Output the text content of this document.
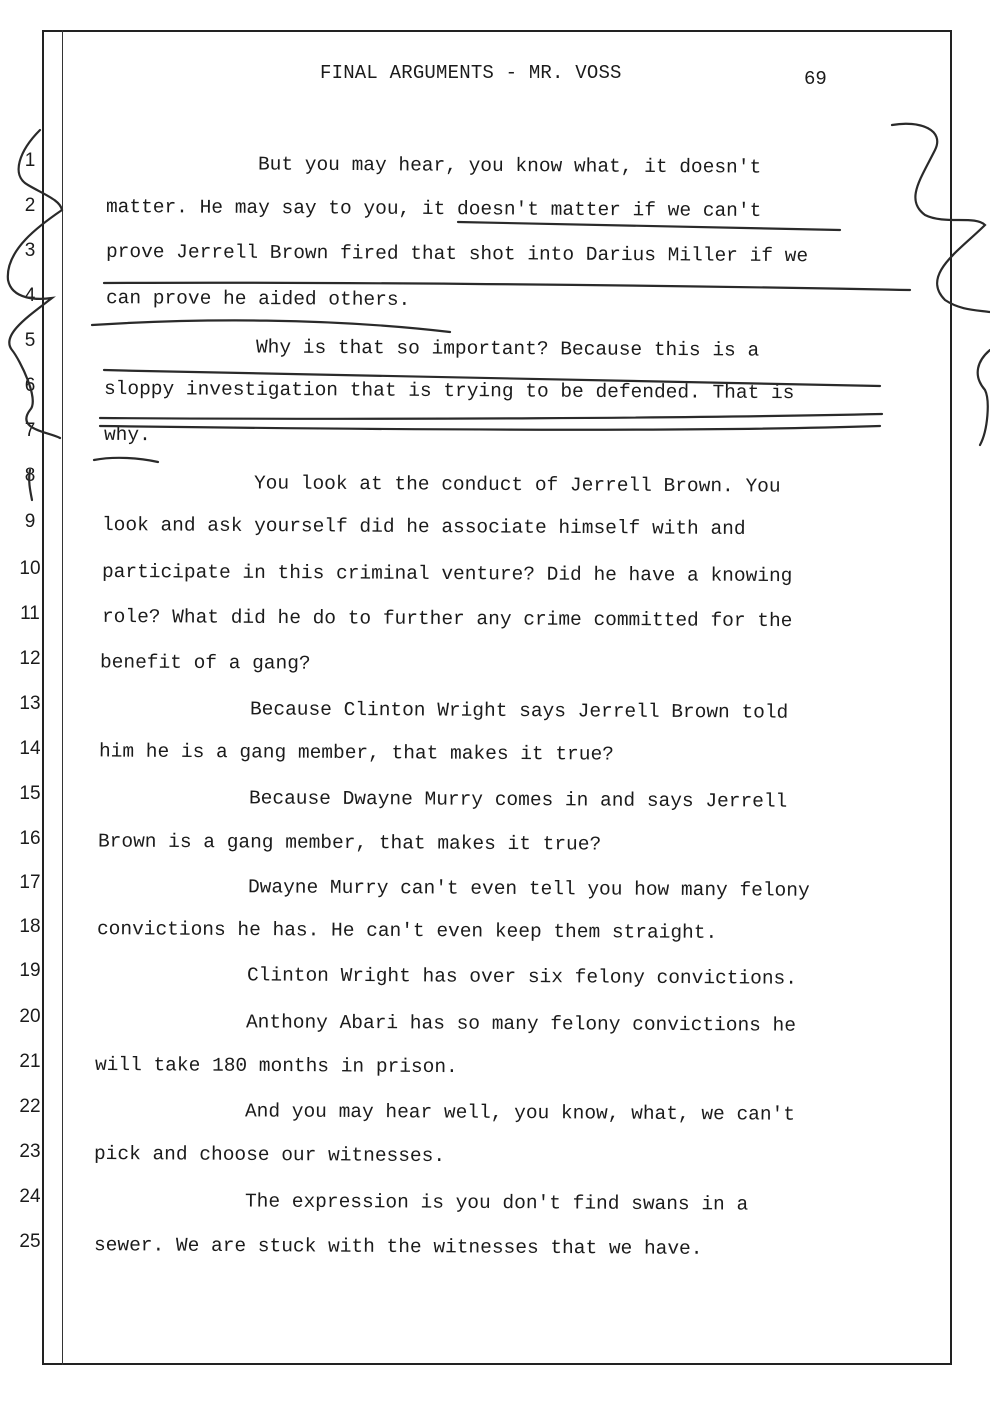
FINAL ARGUMENTS - MR. VOSS	69
1
2
3
4
5
6
7
8
9
10
11
12
13
14
15
16
17
18
19
20
21
22
23
24
25
But you may hear, you know what, it doesn't
matter. He may say to you, it doesn't matter if we can't
prove Jerrell Brown fired that shot into Darius Miller if we
can prove he aided others.
Why is that so important? Because this is a
sloppy investigation that is trying to be defended. That is
why.
You look at the conduct of Jerrell Brown. You
look and ask yourself did he associate himself with and
participate in this criminal venture? Did he have a knowing
role? What did he do to further any crime committed for the
benefit of a gang?
Because Clinton Wright says Jerrell Brown told
him he is a gang member, that makes it true?
Because Dwayne Murry comes in and says Jerrell
Brown is a gang member, that makes it true?
Dwayne Murry can't even tell you how many felony
convictions he has. He can't even keep them straight.
Clinton Wright has over six felony convictions.
Anthony Abari has so many felony convictions he
will take 180 months in prison.
And you may hear well, you know, what, we can't
pick and choose our witnesses.
The expression is you don't find swans in a
sewer. We are stuck with the witnesses that we have.
